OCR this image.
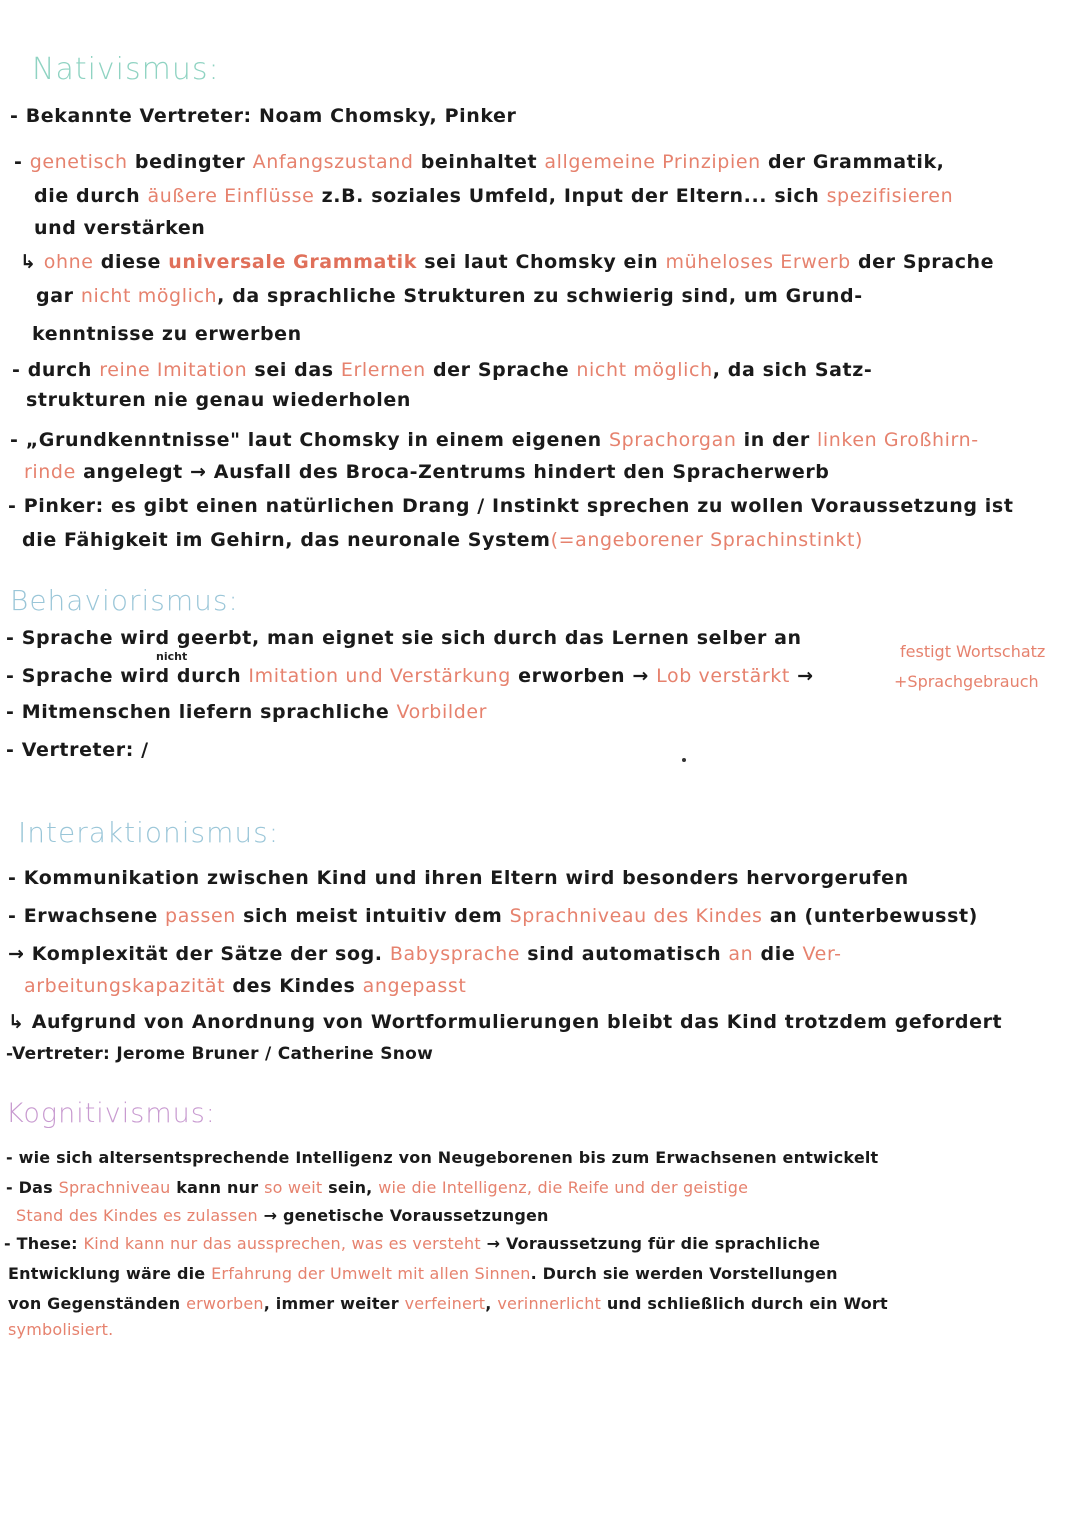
Nativismus:
- Bekannte Vertreter: Noam Chomsky, Pinker
- genetisch bedingter Anfangszustand beinhaltet allgemeine Prinzipien der Grammatik,
die durch äußere Einflüsse z.B. soziales Umfeld, Input der Eltern... sich spezifisieren
und verstärken
↳ ohne diese universale Grammatik sei laut Chomsky ein müheloses Erwerb der Sprache
gar nicht möglich, da sprachliche Strukturen zu schwierig sind, um Grund-
kenntnisse zu erwerben
- durch reine Imitation sei das Erlernen der Sprache nicht möglich, da sich Satz-
strukturen nie genau wiederholen
- „Grundkenntnisse" laut Chomsky in einem eigenen Sprachorgan in der linken Großhirn-
rinde angelegt → Ausfall des Broca-Zentrums hindert den Spracherwerb
- Pinker: es gibt einen natürlichen Drang / Instinkt sprechen zu wollen Voraussetzung ist
die Fähigkeit im Gehirn, das neuronale System(=angeborener Sprachinstinkt)
Behaviorismus:
- Sprache wird geerbt, man eignet sie sich durch das Lernen selber an
nicht
- Sprache wird durch Imitation und Verstärkung erworben → Lob verstärkt →
festigt Wortschatz
+Sprachgebrauch
- Mitmenschen liefern sprachliche Vorbilder
- Vertreter: /
Interaktionismus:
- Kommunikation zwischen Kind und ihren Eltern wird besonders hervorgerufen
- Erwachsene passen sich meist intuitiv dem Sprachniveau des Kindes an (unterbewusst)
→ Komplexität der Sätze der sog. Babysprache sind automatisch an die Ver-
arbeitungskapazität des Kindes angepasst
↳ Aufgrund von Anordnung von Wortformulierungen bleibt das Kind trotzdem gefordert
-Vertreter: Jerome Bruner / Catherine Snow
Kognitivismus:
- wie sich altersentsprechende Intelligenz von Neugeborenen bis zum Erwachsenen entwickelt
- Das Sprachniveau kann nur so weit sein, wie die Intelligenz, die Reife und der geistige
Stand des Kindes es zulassen → genetische Voraussetzungen
- These: Kind kann nur das aussprechen, was es versteht → Voraussetzung für die sprachliche
Entwicklung wäre die Erfahrung der Umwelt mit allen Sinnen. Durch sie werden Vorstellungen
von Gegenständen erworben, immer weiter verfeinert, verinnerlicht und schließlich durch ein Wort
symbolisiert.
